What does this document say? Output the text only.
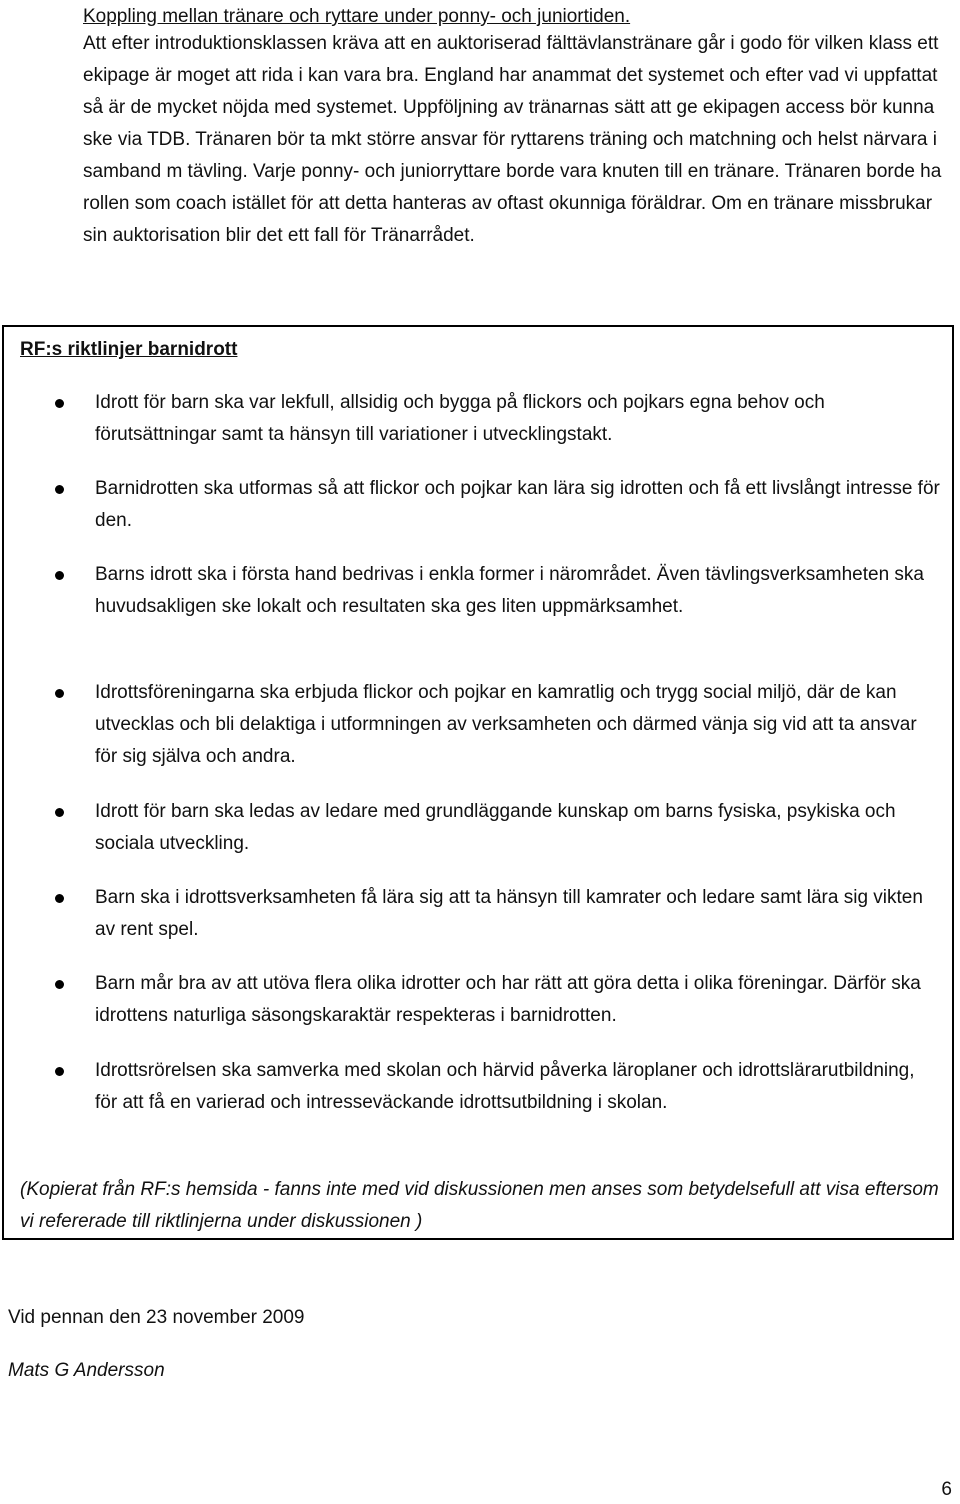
Koppling mellan tränare och ryttare under ponny- och juniortiden.

Att efter introduktionsklassen kräva att en auktoriserad fälttävlanstränare går i godo för vilken klass ett ekipage är moget att rida i kan vara bra. England har anammat det systemet och efter vad vi uppfattat så är de mycket nöjda med systemet. Uppföljning av tränarnas sätt att ge ekipagen access bör kunna ske via TDB. Tränaren bör ta mkt större ansvar för ryttarens träning och matchning och helst närvara i samband m tävling. Varje ponny- och juniorryttare borde vara knuten till en tränare. Tränaren borde ha rollen som coach istället för att detta hanteras av oftast okunniga föräldrar. Om en tränare missbrukar sin auktorisation blir det ett fall för Tränarrådet.

RF:s riktlinjer barnidrott

Idrott för barn ska var lekfull, allsidig och bygga på flickors och pojkars egna behov och förutsättningar samt ta hänsyn till variationer i utvecklingstakt.

Barnidrotten ska utformas så att flickor och pojkar kan lära sig idrotten och få ett livslångt intresse för den.

Barns idrott ska i första hand bedrivas i enkla former i närområdet. Även tävlingsverksamheten ska huvudsakligen ske lokalt och resultaten ska ges liten uppmärksamhet.

Idrottsföreningarna ska erbjuda flickor och pojkar en kamratlig och trygg social miljö, där de kan utvecklas och bli delaktiga i utformningen av verksamheten och därmed vänja sig vid att ta ansvar för sig själva och andra.

Idrott för barn ska ledas av ledare med grundläggande kunskap om barns fysiska, psykiska och sociala utveckling.

Barn ska i idrottsverksamheten få lära sig att ta hänsyn till kamrater och ledare samt lära sig vikten av rent spel.

Barn mår bra av att utöva flera olika idrotter och har rätt att göra detta i olika föreningar. Därför ska idrottens naturliga säsongskaraktär respekteras i barnidrotten.

Idrottsrörelsen ska samverka med skolan och härvid påverka läroplaner och idrottslärarutbildning, för att få en varierad och intresseväckande idrottsutbildning i skolan.

(Kopierat från RF:s hemsida - fanns inte med vid diskussionen men anses som betydelsefull att visa eftersom vi refererade till riktlinjerna under diskussionen )

Vid pennan den 23 november 2009

Mats G Andersson

6
